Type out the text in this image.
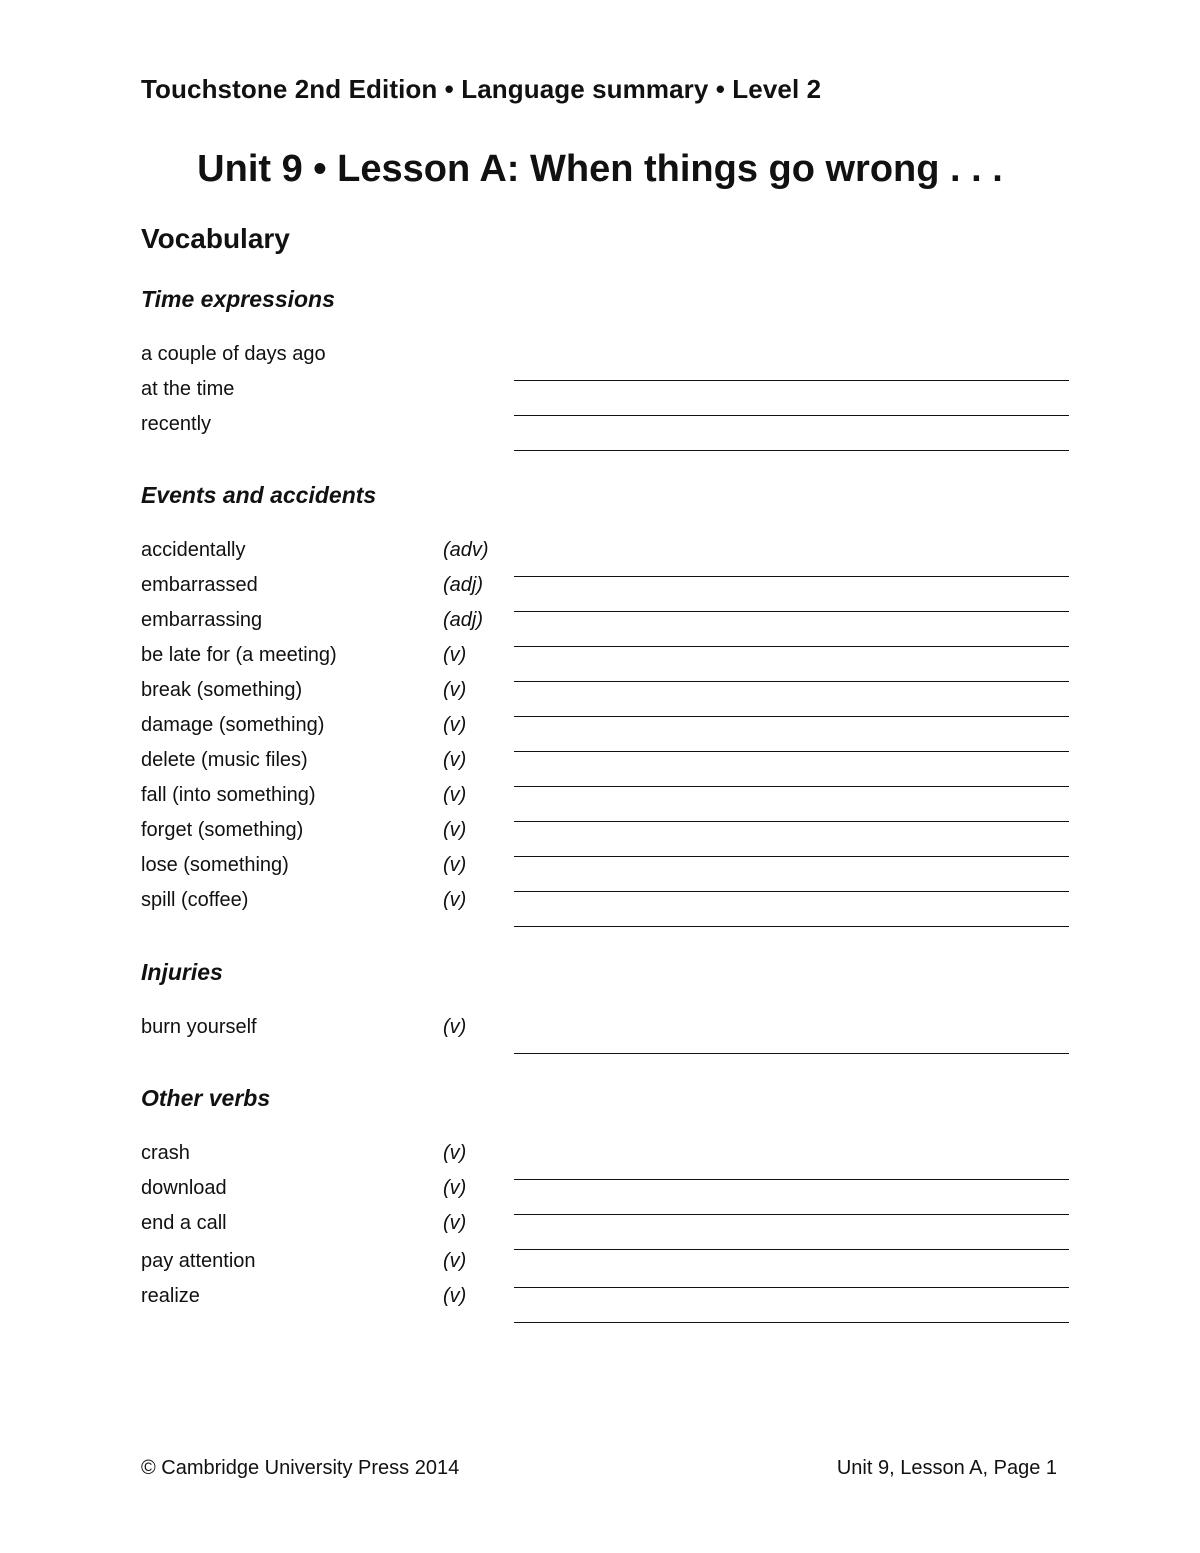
Touchstone 2nd Edition • Language summary • Level 2
Unit 9 • Lesson A: When things go wrong . . .
Vocabulary
Time expressions
a couple of days ago
at the time
recently
Events and accidents
accidentally	(adv)
embarrassed	(adj)
embarrassing	(adj)
be late for (a meeting)	(v)
break (something)	(v)
damage (something)	(v)
delete (music files)	(v)
fall (into something)	(v)
forget (something)	(v)
lose (something)	(v)
spill (coffee)	(v)
Injuries
burn yourself	(v)
Other verbs
crash	(v)
download	(v)
end a call	(v)
pay attention	(v)
realize	(v)
© Cambridge University Press 2014	Unit 9, Lesson A, Page 1
